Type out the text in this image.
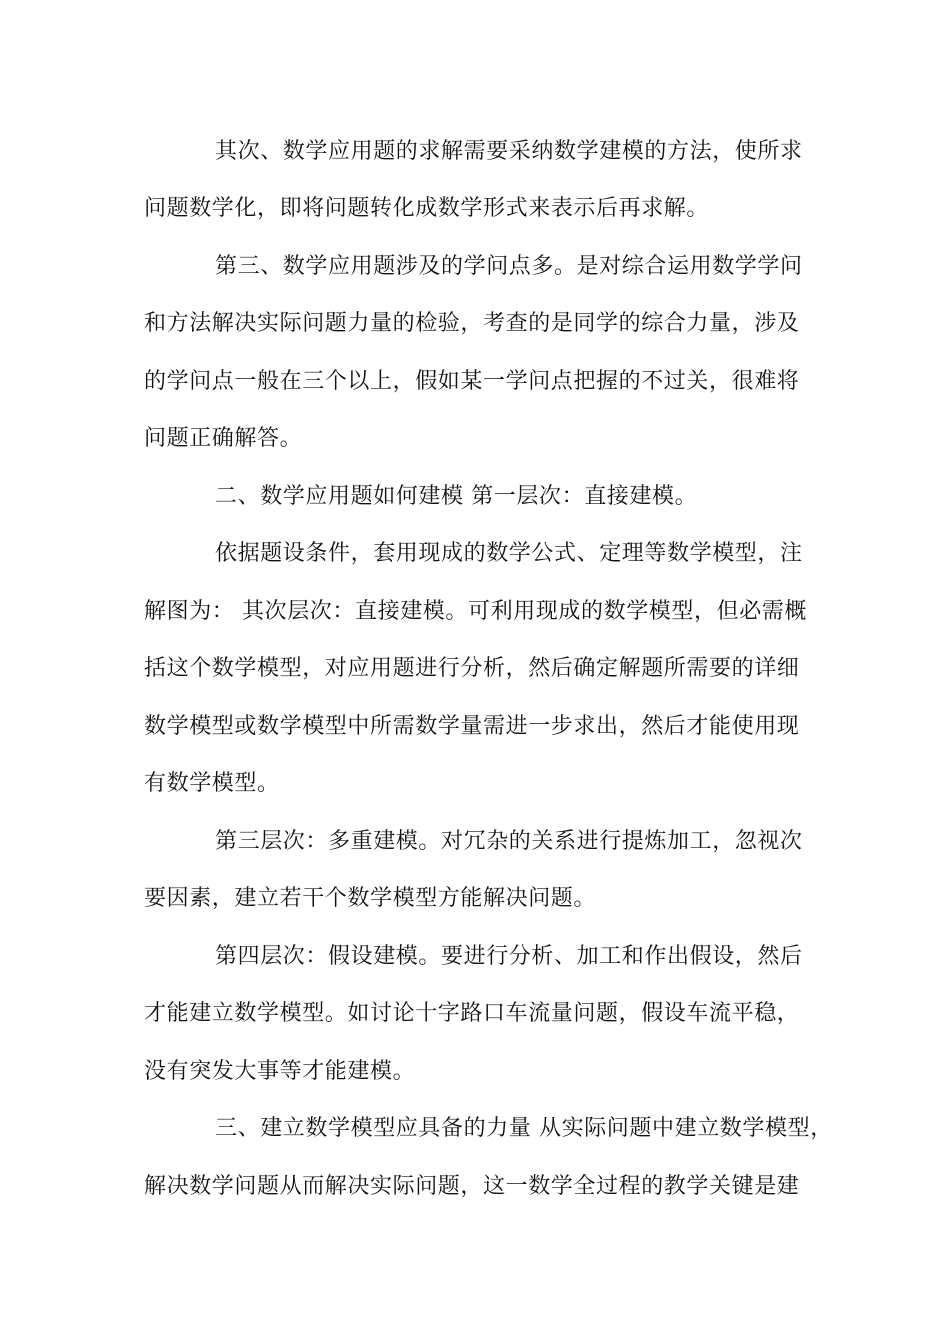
其次、数学应用题的求解需要采纳数学建模的方法，使所求
问题数学化，即将问题转化成数学形式来表示后再求解。
第三、数学应用题涉及的学问点多。是对综合运用数学学问
和方法解决实际问题力量的检验，考查的是同学的综合力量，涉及
的学问点一般在三个以上，假如某一学问点把握的不过关，很难将
问题正确解答。
二、数学应用题如何建模 第一层次：直接建模。
依据题设条件，套用现成的数学公式、定理等数学模型，注
解图为： 其次层次：直接建模。可利用现成的数学模型，但必需概
括这个数学模型，对应用题进行分析，然后确定解题所需要的详细
数学模型或数学模型中所需数学量需进一步求出，然后才能使用现
有数学模型。
第三层次：多重建模。对冗杂的关系进行提炼加工，忽视次
要因素，建立若干个数学模型方能解决问题。
第四层次：假设建模。要进行分析、加工和作出假设，然后
才能建立数学模型。如讨论十字路口车流量问题，假设车流平稳，
没有突发大事等才能建模。
三、建立数学模型应具备的力量 从实际问题中建立数学模型，
解决数学问题从而解决实际问题，这一数学全过程的教学关键是建
